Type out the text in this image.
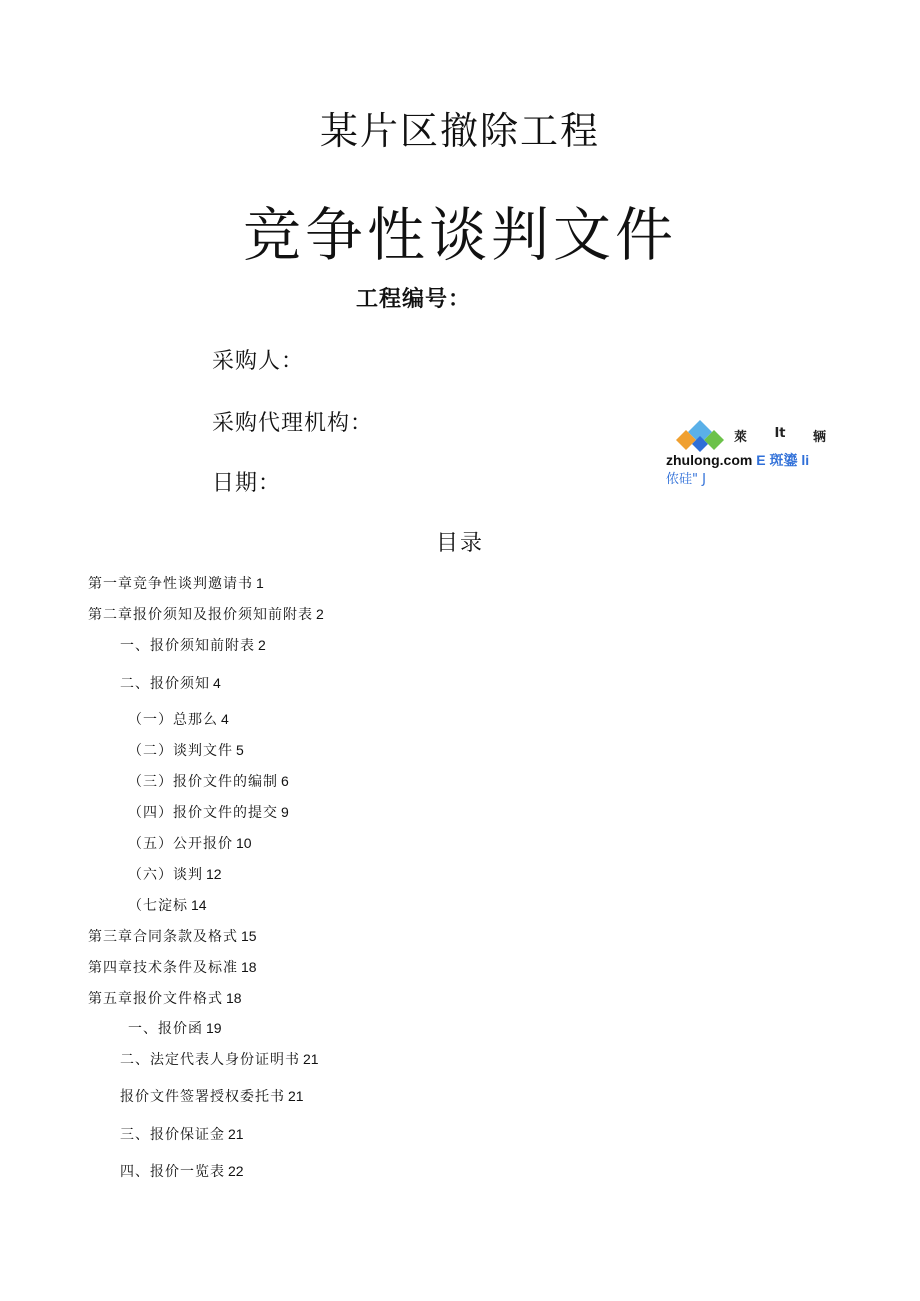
某片区撤除工程
竞争性谈判文件
工程编号：
采购人：
采购代理机构：
日期：
萊 It 辆
zhulong.com E 斑鎏 li
侬硅" J
目录
第一章竞争性谈判邀请书 1
第二章报价须知及报价须知前附表 2
一、报价须知前附表 2
二、报价须知 4
（一）总那么 4
（二）谈判文件 5
（三）报价文件的编制 6
（四）报价文件的提交 9
（五）公开报价 10
（六）谈判 12
（七淀标 14
第三章合同条款及格式 15
第四章技术条件及标准 18
第五章报价文件格式 18
一、报价函 19
二、法定代表人身份证明书 21
报价文件签署授权委托书 21
三、报价保证金 21
四、报价一览表 22
